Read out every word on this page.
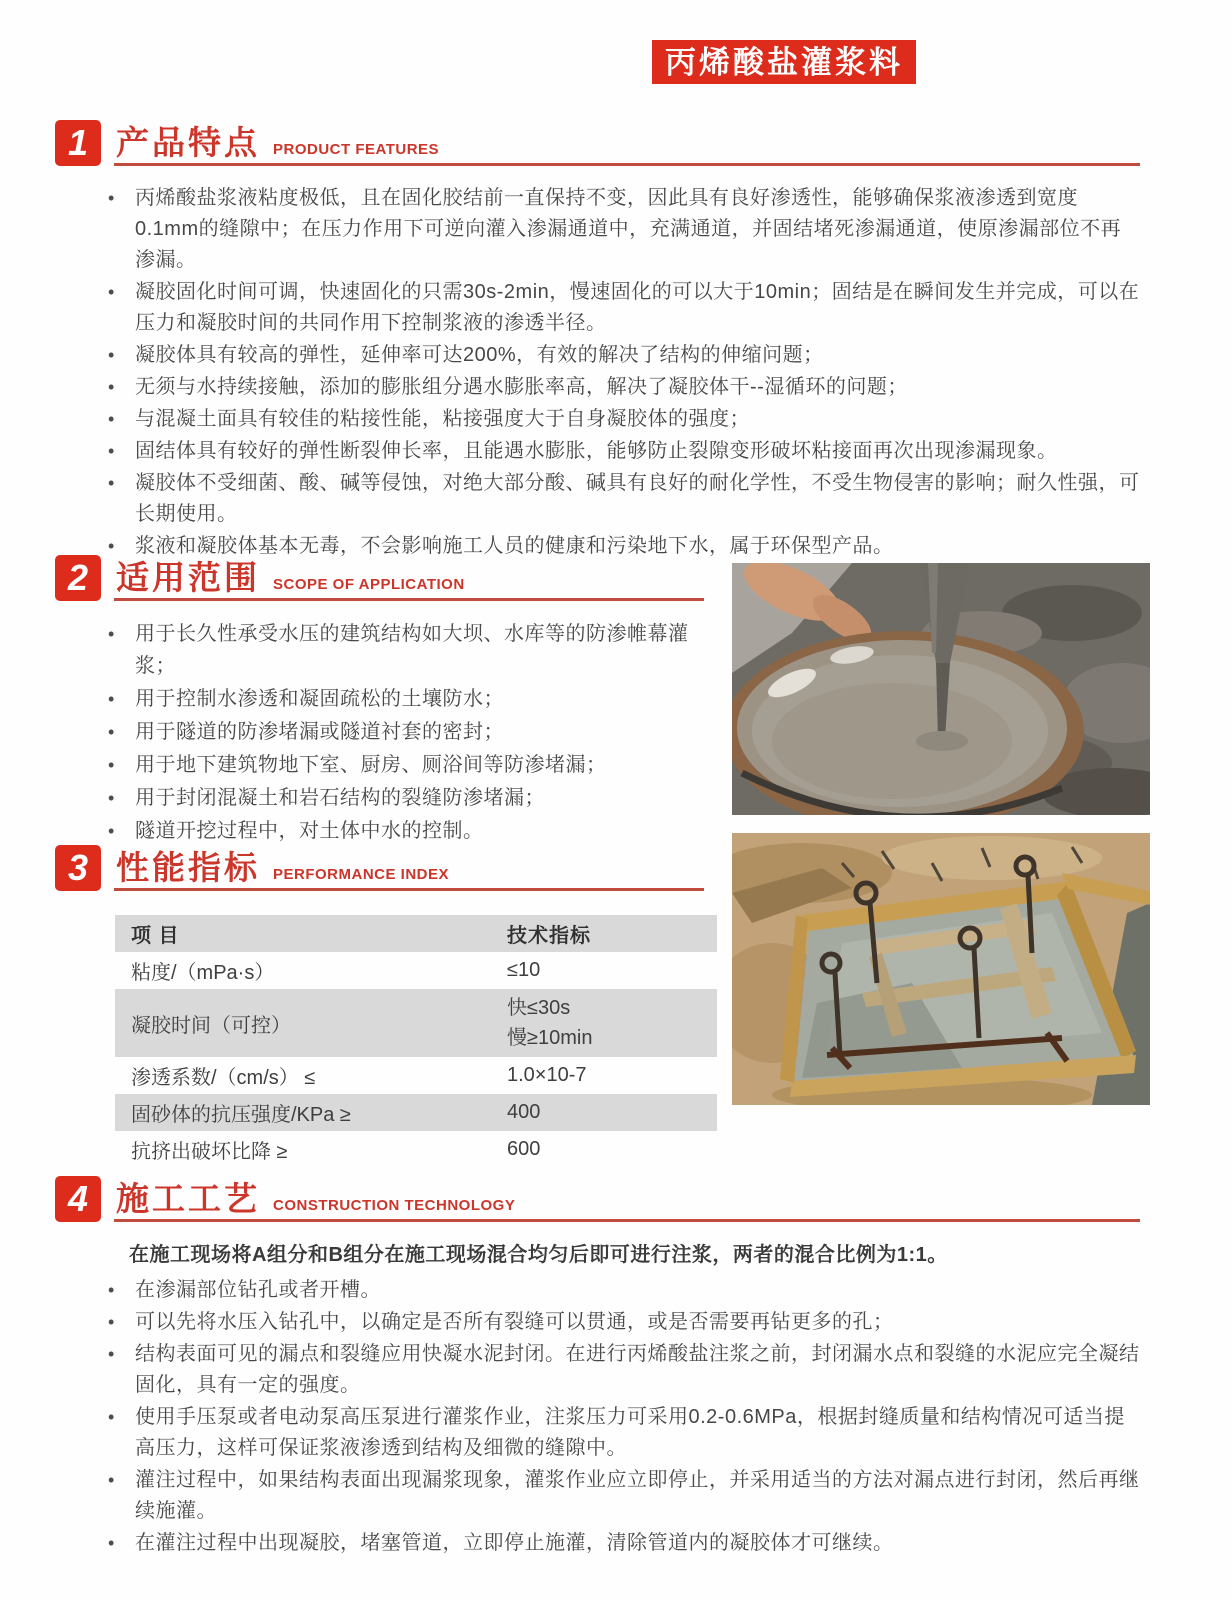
丙烯酸盐灌浆料
1 产品特点 PRODUCT FEATURES
• 丙烯酸盐浆液粘度极低，且在固化胶结前一直保持不变，因此具有良好渗透性，能够确保浆液渗透到宽度0.1mm的缝隙中；在压力作用下可逆向灌入渗漏通道中，充满通道，并固结堵死渗漏通道，使原渗漏部位不再渗漏。
• 凝胶固化时间可调，快速固化的只需30s-2min，慢速固化的可以大于10min；固结是在瞬间发生并完成，可以在压力和凝胶时间的共同作用下控制浆液的渗透半径。
• 凝胶体具有较高的弹性，延伸率可达200%，有效的解决了结构的伸缩问题；
• 无须与水持续接触，添加的膨胀组分遇水膨胀率高，解决了凝胶体干--湿循环的问题；
• 与混凝土面具有较佳的粘接性能，粘接强度大于自身凝胶体的强度；
• 固结体具有较好的弹性断裂伸长率，且能遇水膨胀，能够防止裂隙变形破坏粘接面再次出现渗漏现象。
• 凝胶体不受细菌、酸、碱等侵蚀，对绝大部分酸、碱具有良好的耐化学性，不受生物侵害的影响；耐久性强，可长期使用。
• 浆液和凝胶体基本无毒，不会影响施工人员的健康和污染地下水，属于环保型产品。
2 适用范围 SCOPE OF APPLICATION
• 用于长久性承受水压的建筑结构如大坝、水库等的防渗帷幕灌浆；
• 用于控制水渗透和凝固疏松的土壤防水；
• 用于隧道的防渗堵漏或隧道衬套的密封；
• 用于地下建筑物地下室、厨房、厕浴间等防渗堵漏；
• 用于封闭混凝土和岩石结构的裂缝防渗堵漏；
• 隧道开挖过程中，对土体中水的控制。
3 性能指标 PERFORMANCE INDEX
项 目	技术指标
粘度/（mPa·s）	≤10
凝胶时间（可控）	快≤30s
慢≥10min

渗透系数/（cm/s） ≤	1.0×10-7
固砂体的抗压强度/KPa ≥	400
抗挤出破坏比降 ≥	600
4 施工工艺 CONSTRUCTION TECHNOLOGY

在施工现场将A组分和B组分在施工现场混合均匀后即可进行注浆，两者的混合比例为1:1。

• 在渗漏部位钻孔或者开槽。
• 可以先将水压入钻孔中，以确定是否所有裂缝可以贯通，或是否需要再钻更多的孔；
• 结构表面可见的漏点和裂缝应用快凝水泥封闭。在进行丙烯酸盐注浆之前，封闭漏水点和裂缝的水泥应完全凝结固化，具有一定的强度。
• 使用手压泵或者电动泵高压泵进行灌浆作业，注浆压力可采用0.2-0.6MPa，根据封缝质量和结构情况可适当提高压力，这样可保证浆液渗透到结构及细微的缝隙中。
• 灌注过程中，如果结构表面出现漏浆现象，灌浆作业应立即停止，并采用适当的方法对漏点进行封闭，然后再继续施灌。
• 在灌注过程中出现凝胶，堵塞管道，立即停止施灌，清除管道内的凝胶体才可继续。
